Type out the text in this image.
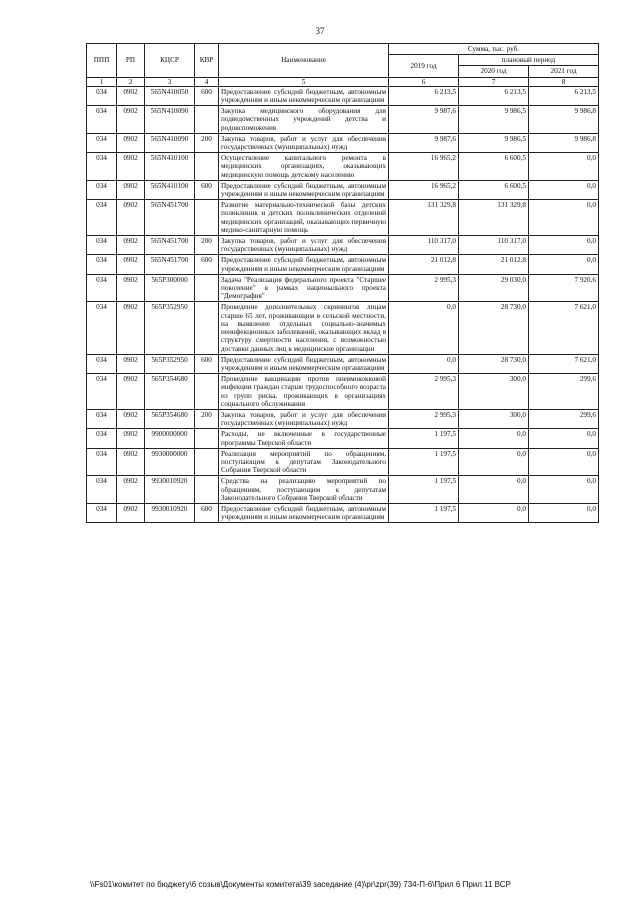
37
ППП	РП	КЦСР	КВР	Наименование	Сумма, тыс. руб.		
					2019 год	плановый период	
						2020 год	2021 год
1	2	3	4	5	6	7	8
034	0902	565N410050	600	Предоставление субсидий бюджетным, автономным учреждениям и иным некоммерческим организациям	6 213,5	6 213,5	6 213,5
034	0902	565N410090		Закупка медицинского оборудования для подведомственных учреждений детства и родовспоможения	9 987,6	9 986,5	9 986,8
034	0902	565N410090	200	Закупка товаров, работ и услуг для обеспечения государственных (муниципальных) нужд	9 987,6	9 986,5	9 986,8
034	0902	565N410100		Осуществление капитального ремонта в медицинских организациях, оказывающих медицинскую помощь детскому населению	16 965,2	6 600,5	0,0
034	0902	565N410100	600	Предоставление субсидий бюджетным, автономным учреждениям и иным некоммерческим организациям	16 965,2	6 600,5	0,0
034	0902	565N451700		Развитие материально-технической базы детских поликлиник и детских поликлинических отделений медицинских организаций, оказывающих первичную медико-санитарную помощь	131 329,8	131 329,8	0,0
034	0902	565N451700	200	Закупка товаров, работ и услуг для обеспечения государственных (муниципальных) нужд	110 317,0	110 317,0	0,0
034	0902	565N451700	600	Предоставление субсидий бюджетным, автономным учреждениям и иным некоммерческим организациям	21 012,8	21 012,8	0,0
034	0902	565P300000		Задача "Реализация федерального проекта "Старшее поколение" в рамках национального проекта "Демография"	2 995,3	29 030,0	7 920,6
034	0902	565P352950		Проведение дополнительных скринингов лицам старше 65 лет, проживающим в сельской местности, на выявление отдельных социально-значимых неинфекционных заболеваний, оказывающих вклад в структуру смертности населения, с возможностью доставки данных лиц в медицинские организации	0,0	28 730,0	7 621,0
034	0902	565P352950	600	Предоставление субсидий бюджетным, автономным учреждениям и иным некоммерческим организациям	0,0	28 730,0	7 621,0
034	0902	565P354680		Проведение вакцинации против пневмококковой инфекции граждан старше трудоспособного возраста из групп риска, проживающих в организациях социального обслуживания	2 995,3	300,0	299,6
034	0902	565P354680	200	Закупка товаров, работ и услуг для обеспечения государственных (муниципальных) нужд	2 995,3	300,0	299,6
034	0902	9900000000		Расходы, не включенные в государственные программы Тверской области	1 197,5	0,0	0,0
034	0902	9930000000		Реализация мероприятий по обращениям, поступающим к депутатам Законодательного Собрания Тверской области	1 197,5	0,0	0,0
034	0902	9930010920		Средства на реализацию мероприятий по обращениям, поступающим к депутатам Законодательного Собрания Тверской области	1 197,5	0,0	0,0
034	0902	9930010920	600	Предоставление субсидий бюджетным, автономным учреждениям и иным некоммерческим организациям	1 197,5	0,0	0,0
\\Fs01\комитет по бюджету\6 созыв\Документы комитета\39 заседание (4)\pr\zpr(39) 734-П-6\Прил 6 Прил 11 ВСР
